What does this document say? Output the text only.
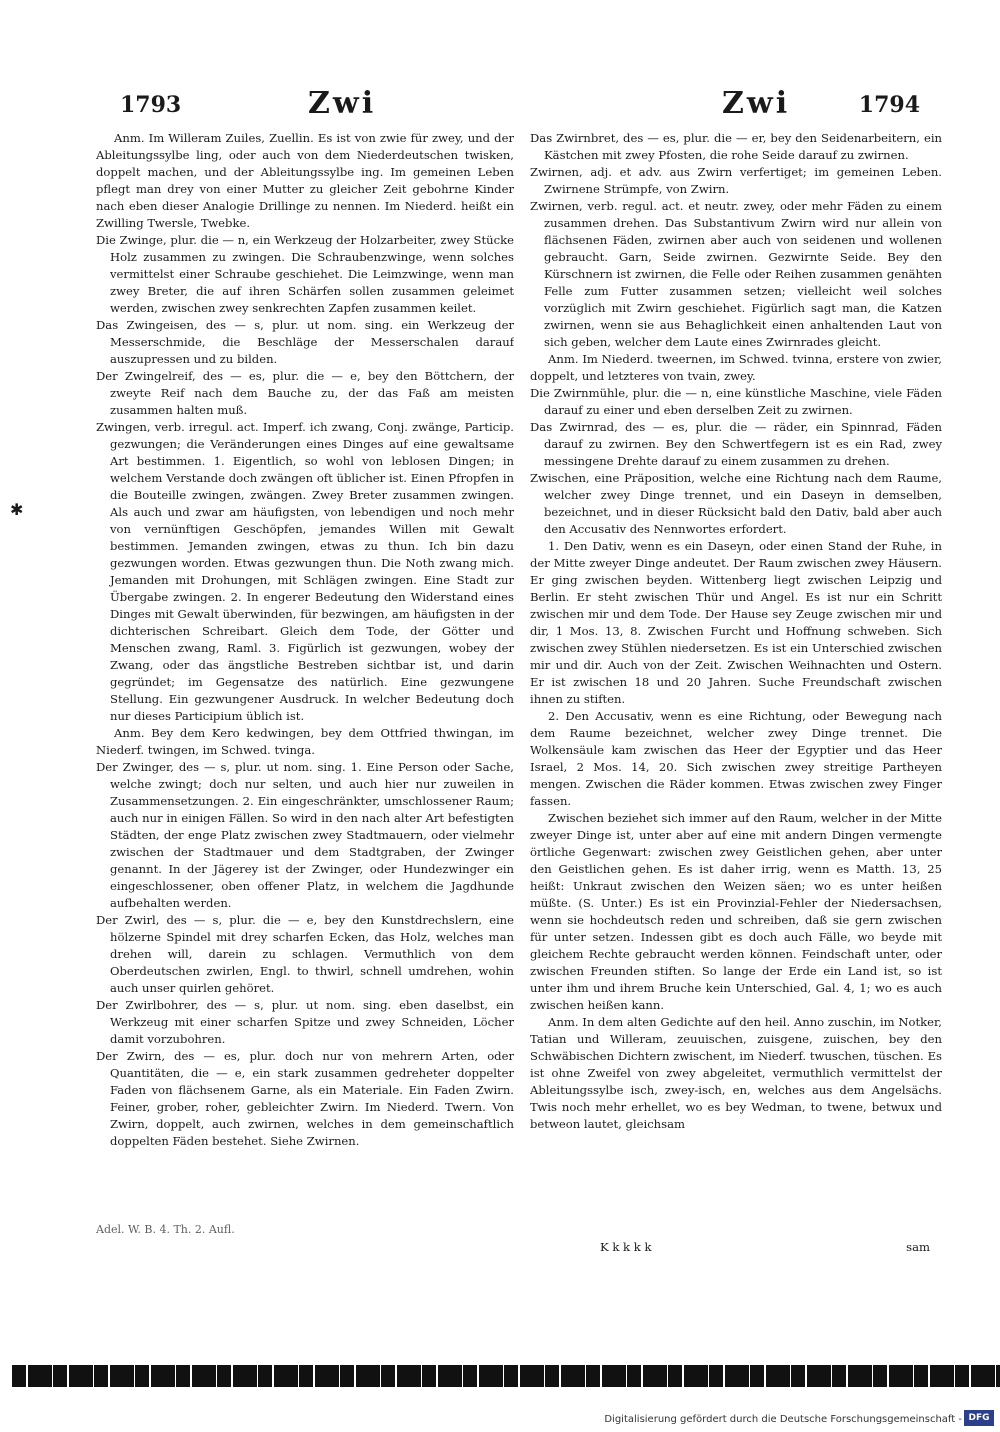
1793	Zwi	Zwi	1794
✱

Anm. Im Willeram Zuiles, Zuellin. Es ist von zwie für zwey, und der Ableitungssylbe ling, oder auch von dem Niederdeutschen twisken, doppelt machen, und der Ableitungssylbe ing. Im gemeinen Leben pflegt man drey von einer Mutter zu gleicher Zeit gebohrne Kinder nach eben dieser Analogie Drillinge zu nennen. Im Niederd. heißt ein Zwilling Twersle, Twebke.

Die Zwinge, plur. die — n, ein Werkzeug der Holzarbeiter, zwey Stücke Holz zusammen zu zwingen. Die Schraubenzwinge, wenn solches vermittelst einer Schraube geschiehet. Die Leimzwinge, wenn man zwey Breter, die auf ihren Schärfen sollen zusammen geleimet werden, zwischen zwey senkrechten Zapfen zusammen keilet.

Das Zwingeisen, des — s, plur. ut nom. sing. ein Werkzeug der Messerschmide, die Beschläge der Messerschalen darauf auszupressen und zu bilden.

Der Zwingelreif, des — es, plur. die — e, bey den Böttchern, der zweyte Reif nach dem Bauche zu, der das Faß am meisten zusammen halten muß.

Zwingen, verb. irregul. act. Imperf. ich zwang, Conj. zwänge, Particip. gezwungen; die Veränderungen eines Dinges auf eine gewaltsame Art bestimmen. 1. Eigentlich, so wohl von leblosen Dingen; in welchem Verstande doch zwängen oft üblicher ist. Einen Pfropfen in die Bouteille zwingen, zwängen. Zwey Breter zusammen zwingen. Als auch und zwar am häufigsten, von lebendigen und noch mehr von vernünftigen Geschöpfen, jemandes Willen mit Gewalt bestimmen. Jemanden zwingen, etwas zu thun. Ich bin dazu gezwungen worden. Etwas gezwungen thun. Die Noth zwang mich. Jemanden mit Drohungen, mit Schlägen zwingen. Eine Stadt zur Übergabe zwingen. 2. In engerer Bedeutung den Widerstand eines Dinges mit Gewalt überwinden, für bezwingen, am häufigsten in der dichterischen Schreibart. Gleich dem Tode, der Götter und Menschen zwang, Raml. 3. Figürlich ist gezwungen, wobey der Zwang, oder das ängstliche Bestreben sichtbar ist, und darin gegründet; im Gegensatze des natürlich. Eine gezwungene Stellung. Ein gezwungener Ausdruck. In welcher Bedeutung doch nur dieses Participium üblich ist.

Anm. Bey dem Kero kedwingen, bey dem Ottfried thwingan, im Niederf. twingen, im Schwed. tvinga.

Der Zwinger, des — s, plur. ut nom. sing. 1. Eine Person oder Sache, welche zwingt; doch nur selten, und auch hier nur zuweilen in Zusammensetzungen. 2. Ein eingeschränkter, umschlossener Raum; auch nur in einigen Fällen. So wird in den nach alter Art befestigten Städten, der enge Platz zwischen zwey Stadtmauern, oder vielmehr zwischen der Stadtmauer und dem Stadtgraben, der Zwinger genannt. In der Jägerey ist der Zwinger, oder Hundezwinger ein eingeschlossener, oben offener Platz, in welchem die Jagdhunde aufbehalten werden.

Der Zwirl, des — s, plur. die — e, bey den Kunstdrechslern, eine hölzerne Spindel mit drey scharfen Ecken, das Holz, welches man drehen will, darein zu schlagen. Vermuthlich von dem Oberdeutschen zwirlen, Engl. to thwirl, schnell umdrehen, wohin auch unser quirlen gehöret.

Der Zwirlbohrer, des — s, plur. ut nom. sing. eben daselbst, ein Werkzeug mit einer scharfen Spitze und zwey Schneiden, Löcher damit vorzubohren.

Der Zwirn, des — es, plur. doch nur von mehrern Arten, oder Quantitäten, die — e, ein stark zusammen gedreheter doppelter Faden von flächsenem Garne, als ein Materiale. Ein Faden Zwirn. Feiner, grober, roher, gebleichter Zwirn. Im Niederd. Twern. Von Zwirn, doppelt, auch zwirnen, welches in dem gemeinschaftlich doppelten Fäden bestehet. Siehe Zwirnen.

Adel. W. B. 4. Th. 2. Aufl.

Das Zwirnbret, des — es, plur. die — er, bey den Seidenarbeitern, ein Kästchen mit zwey Pfosten, die rohe Seide darauf zu zwirnen.

Zwirnen, adj. et adv. aus Zwirn verfertiget; im gemeinen Leben. Zwirnene Strümpfe, von Zwirn.

Zwirnen, verb. regul. act. et neutr. zwey, oder mehr Fäden zu einem zusammen drehen. Das Substantivum Zwirn wird nur allein von flächsenen Fäden, zwirnen aber auch von seidenen und wollenen gebraucht. Garn, Seide zwirnen. Gezwirnte Seide. Bey den Kürschnern ist zwirnen, die Felle oder Reihen zusammen genähten Felle zum Futter zusammen setzen; vielleicht weil solches vorzüglich mit Zwirn geschiehet. Figürlich sagt man, die Katzen zwirnen, wenn sie aus Behaglichkeit einen anhaltenden Laut von sich geben, welcher dem Laute eines Zwirnrades gleicht.

Anm. Im Niederd. tweernen, im Schwed. tvinna, erstere von zwier, doppelt, und letzteres von tvain, zwey.

Die Zwirnmühle, plur. die — n, eine künstliche Maschine, viele Fäden darauf zu einer und eben derselben Zeit zu zwirnen.

Das Zwirnrad, des — es, plur. die — räder, ein Spinnrad, Fäden darauf zu zwirnen. Bey den Schwertfegern ist es ein Rad, zwey messingene Drehte darauf zu einem zusammen zu drehen.

Zwischen, eine Präposition, welche eine Richtung nach dem Raume, welcher zwey Dinge trennet, und ein Daseyn in demselben, bezeichnet, und in dieser Rücksicht bald den Dativ, bald aber auch den Accusativ des Nennwortes erfordert.

1. Den Dativ, wenn es ein Daseyn, oder einen Stand der Ruhe, in der Mitte zweyer Dinge andeutet. Der Raum zwischen zwey Häusern. Er ging zwischen beyden. Wittenberg liegt zwischen Leipzig und Berlin. Er steht zwischen Thür und Angel. Es ist nur ein Schritt zwischen mir und dem Tode. Der Hause sey Zeuge zwischen mir und dir, 1 Mos. 13, 8. Zwischen Furcht und Hoffnung schweben. Sich zwischen zwey Stühlen niedersetzen. Es ist ein Unterschied zwischen mir und dir. Auch von der Zeit. Zwischen Weihnachten und Ostern. Er ist zwischen 18 und 20 Jahren. Suche Freundschaft zwischen ihnen zu stiften.

2. Den Accusativ, wenn es eine Richtung, oder Bewegung nach dem Raume bezeichnet, welcher zwey Dinge trennet. Die Wolkensäule kam zwischen das Heer der Egyptier und das Heer Israel, 2 Mos. 14, 20. Sich zwischen zwey streitige Partheyen mengen. Zwischen die Räder kommen. Etwas zwischen zwey Finger fassen.

Zwischen beziehet sich immer auf den Raum, welcher in der Mitte zweyer Dinge ist, unter aber auf eine mit andern Dingen vermengte örtliche Gegenwart: zwischen zwey Geistlichen gehen, aber unter den Geistlichen gehen. Es ist daher irrig, wenn es Matth. 13, 25 heißt: Unkraut zwischen den Weizen säen; wo es unter heißen müßte. (S. Unter.) Es ist ein Provinzial-Fehler der Niedersachsen, wenn sie hochdeutsch reden und schreiben, daß sie gern zwischen für unter setzen. Indessen gibt es doch auch Fälle, wo beyde mit gleichem Rechte gebraucht werden können. Feindschaft unter, oder zwischen Freunden stiften. So lange der Erde ein Land ist, so ist unter ihm und ihrem Bruche kein Unterschied, Gal. 4, 1; wo es auch zwischen heißen kann.

Anm. In dem alten Gedichte auf den heil. Anno zuschin, im Notker, Tatian und Willeram, zeuuischen, zuisgene, zuischen, bey den Schwäbischen Dichtern zwischent, im Niederf. twuschen, tüschen. Es ist ohne Zweifel von zwey abgeleitet, vermuthlich vermittelst der Ableitungssylbe isch, zwey-isch, en, welches aus dem Angelsächs. Twis noch mehr erhellet, wo es bey Wedman, to twene, betwux und betweon lautet, gleichsam

K k k k k	sam
Digitalisierung gefördert durch die Deutsche Forschungsgemeinschaft - DFG
